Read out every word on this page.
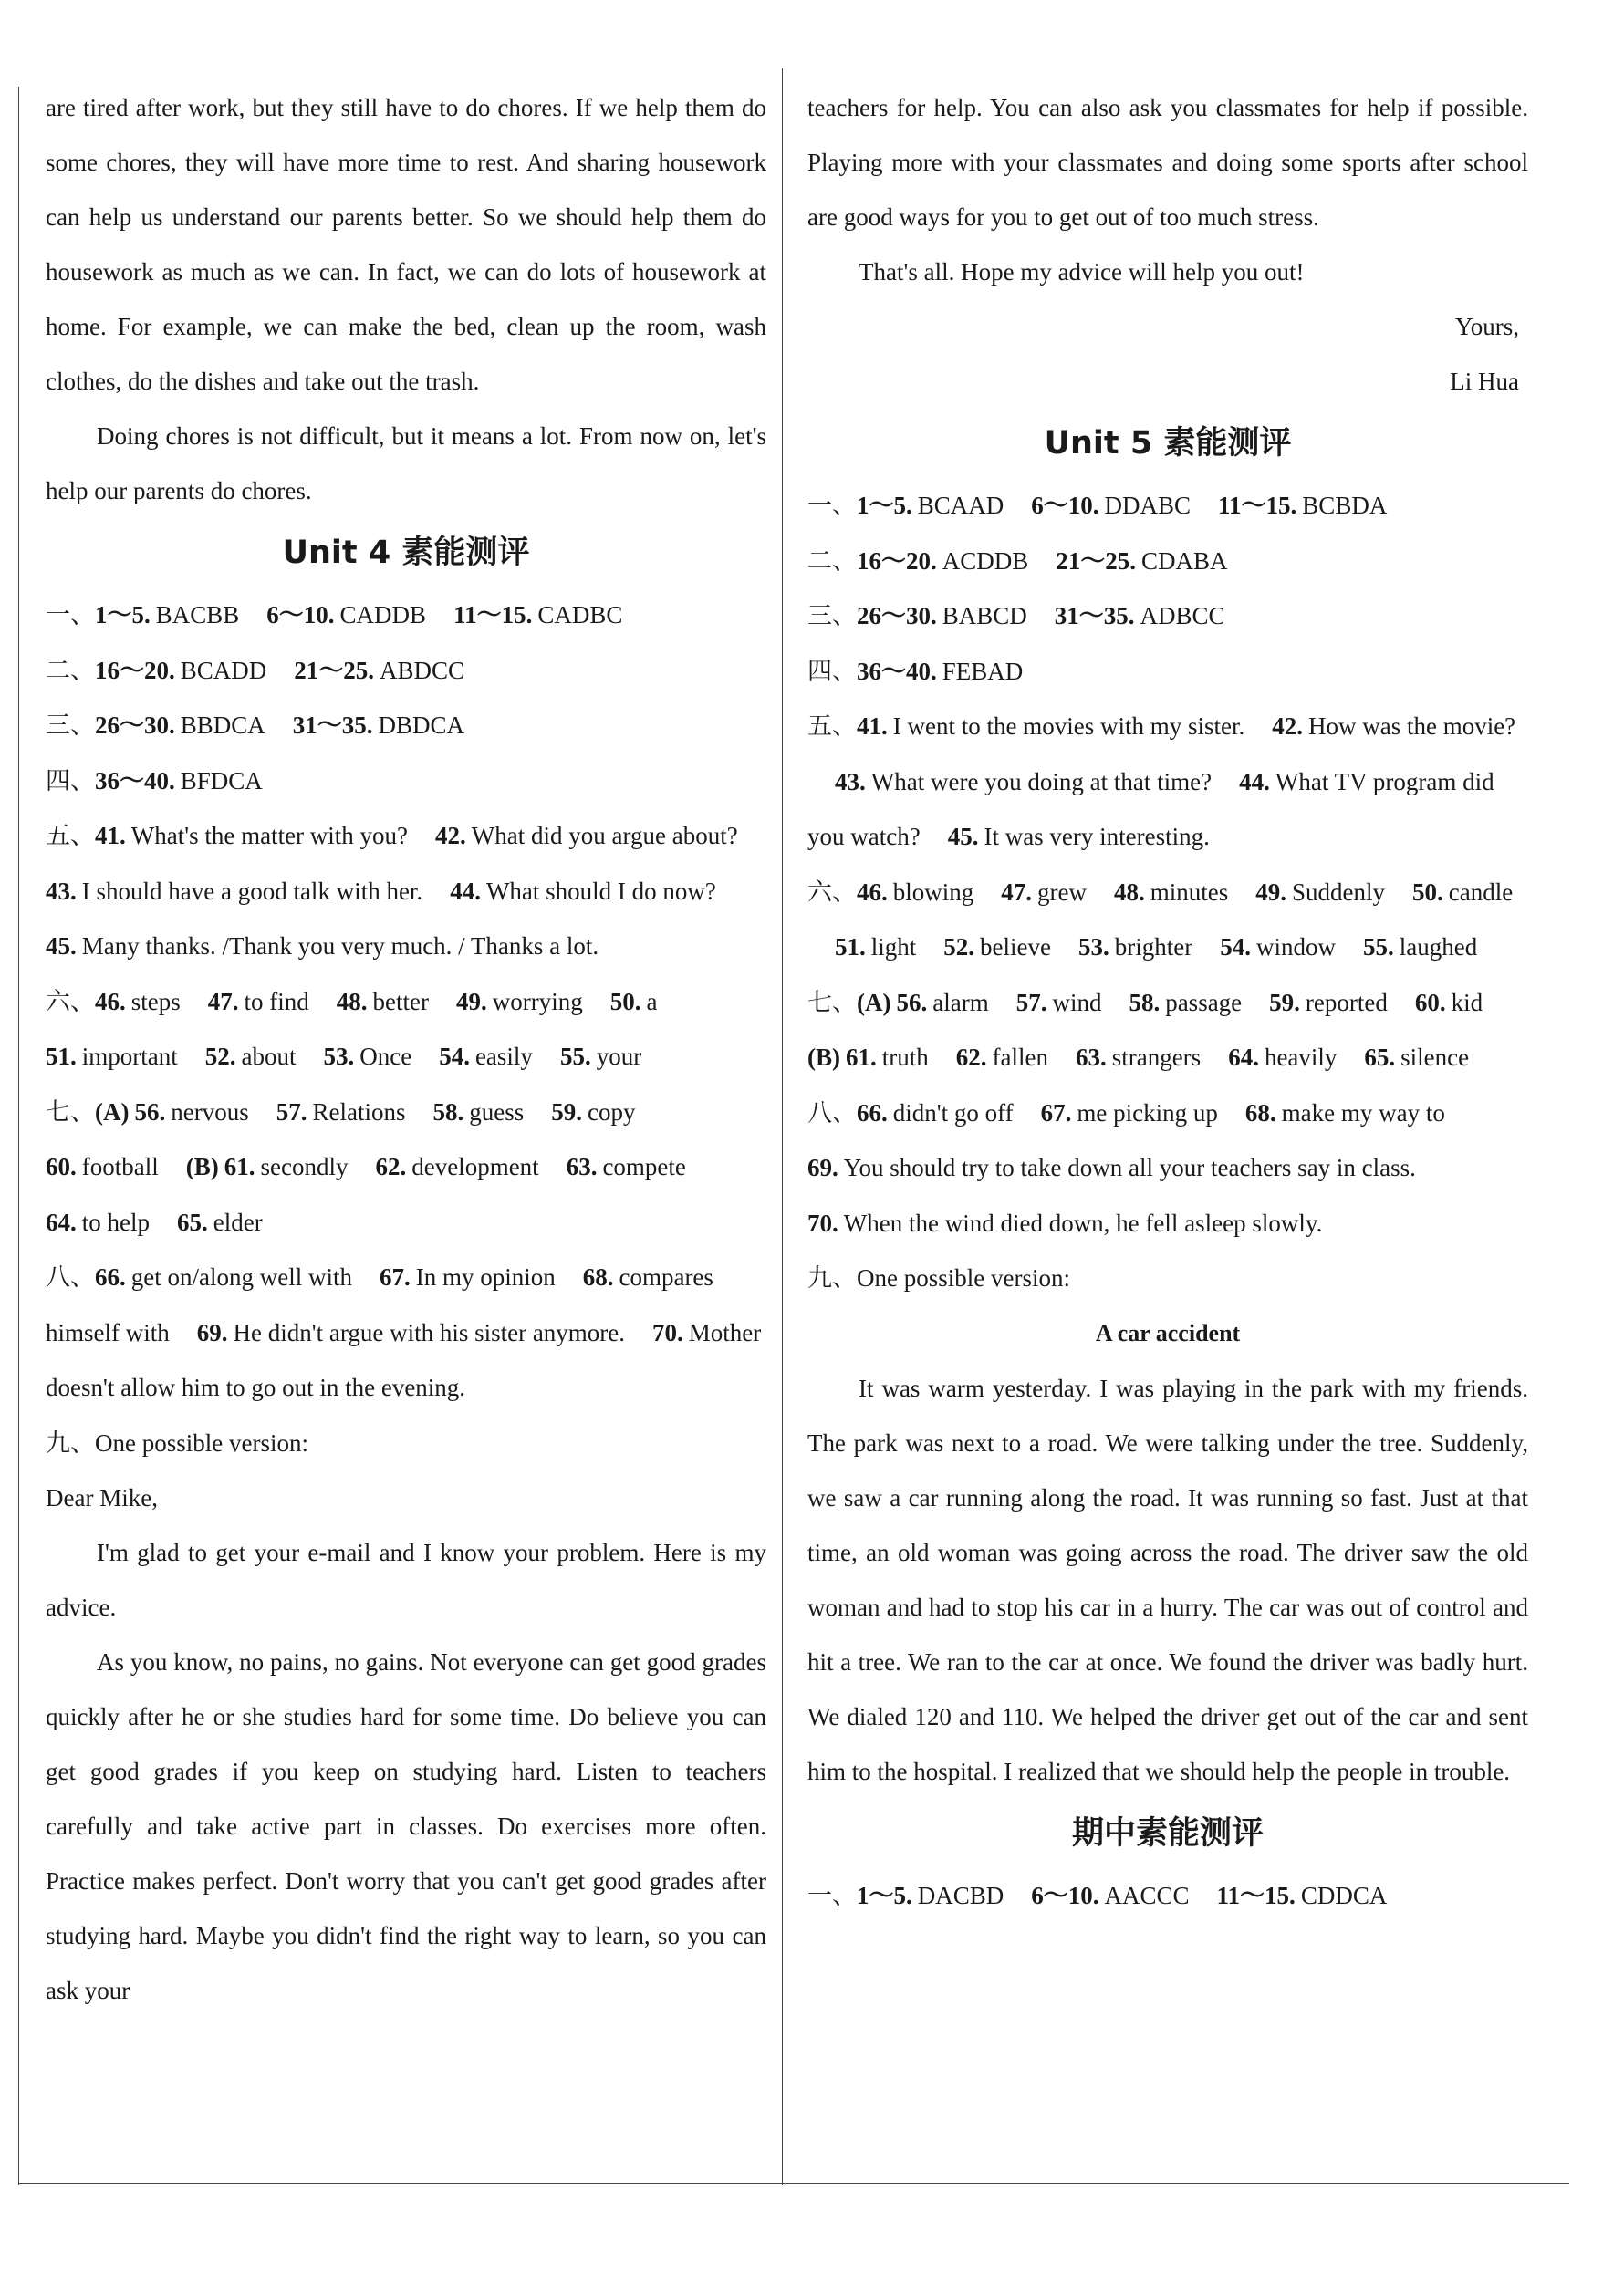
are tired after work, but they still have to do chores. If we help them do some chores, they will have more time to rest. And sharing housework can help us understand our parents better. So we should help them do housework as much as we can. In fact, we can do lots of housework at home. For example, we can make the bed, clean up the room, wash clothes, do the dishes and take out the trash.

Doing chores is not difficult, but it means a lot. From now on, let's help our parents do chores.

Unit 4 素能测评
一、1～5. BACBB 6～10. CADDB 11～15. CADBC
二、16～20. BCADD 21～25. ABDCC
三、26～30. BBDCA 31～35. DBDCA
四、36～40. BFDCA
五、41. What's the matter with you? 42. What did you argue about?43. I should have a good talk with her. 44. What should I do now?45. Many thanks. /Thank you very much. / Thanks a lot.
六、46. steps 47. to find 48. better 49. worrying 50. a51. important 52. about 53. Once 54. easily 55. your
七、(A) 56. nervous 57. Relations 58. guess 59. copy60. football (B) 61. secondly 62. development 63. compete64. to help 65. elder
八、66. get on/along well with 67. In my opinion 68. compares himself with 69. He didn't argue with his sister anymore. 70. Mother doesn't allow him to go out in the evening.
九、One possible version:

Dear Mike,

I'm glad to get your e-mail and I know your problem. Here is my advice.

As you know, no pains, no gains. Not everyone can get good grades quickly after he or she studies hard for some time. Do believe you can get good grades if you keep on studying hard. Listen to teachers carefully and take active part in classes. Do exercises more often. Practice makes perfect. Don't worry that you can't get good grades after studying hard. Maybe you didn't find the right way to learn, so you can ask your

teachers for help. You can also ask you classmates for help if possible. Playing more with your classmates and doing some sports after school are good ways for you to get out of too much stress.

That's all. Hope my advice will help you out!

Yours,

Li Hua

Unit 5 素能测评
一、1～5. BCAAD 6～10. DDABC 11～15. BCBDA
二、16～20. ACDDB 21～25. CDABA
三、26～30. BABCD 31～35. ADBCC
四、36～40. FEBAD
五、41. I went to the movies with my sister. 42. How was the movie?43. What were you doing at that time? 44. What TV program did you watch? 45. It was very interesting.
六、46. blowing 47. grew 48. minutes 49. Suddenly 50. candle51. light 52. believe 53. brighter 54. window 55. laughed
七、(A) 56. alarm 57. wind 58. passage 59. reported 60. kid(B) 61. truth 62. fallen 63. strangers 64. heavily 65. silence
八、66. didn't go off 67. me picking up 68. make my way to69. You should try to take down all your teachers say in class.
70. When the wind died down, he fell asleep slowly.
九、One possible version:
A car accident

It was warm yesterday. I was playing in the park with my friends. The park was next to a road. We were talking under the tree. Suddenly, we saw a car running along the road. It was running so fast. Just at that time, an old woman was going across the road. The driver saw the old woman and had to stop his car in a hurry. The car was out of control and hit a tree. We ran to the car at once. We found the driver was badly hurt. We dialed 120 and 110. We helped the driver get out of the car and sent him to the hospital. I realized that we should help the people in trouble.

期中素能测评
一、1～5. DACBD 6～10. AACCC 11～15. CDDCA
